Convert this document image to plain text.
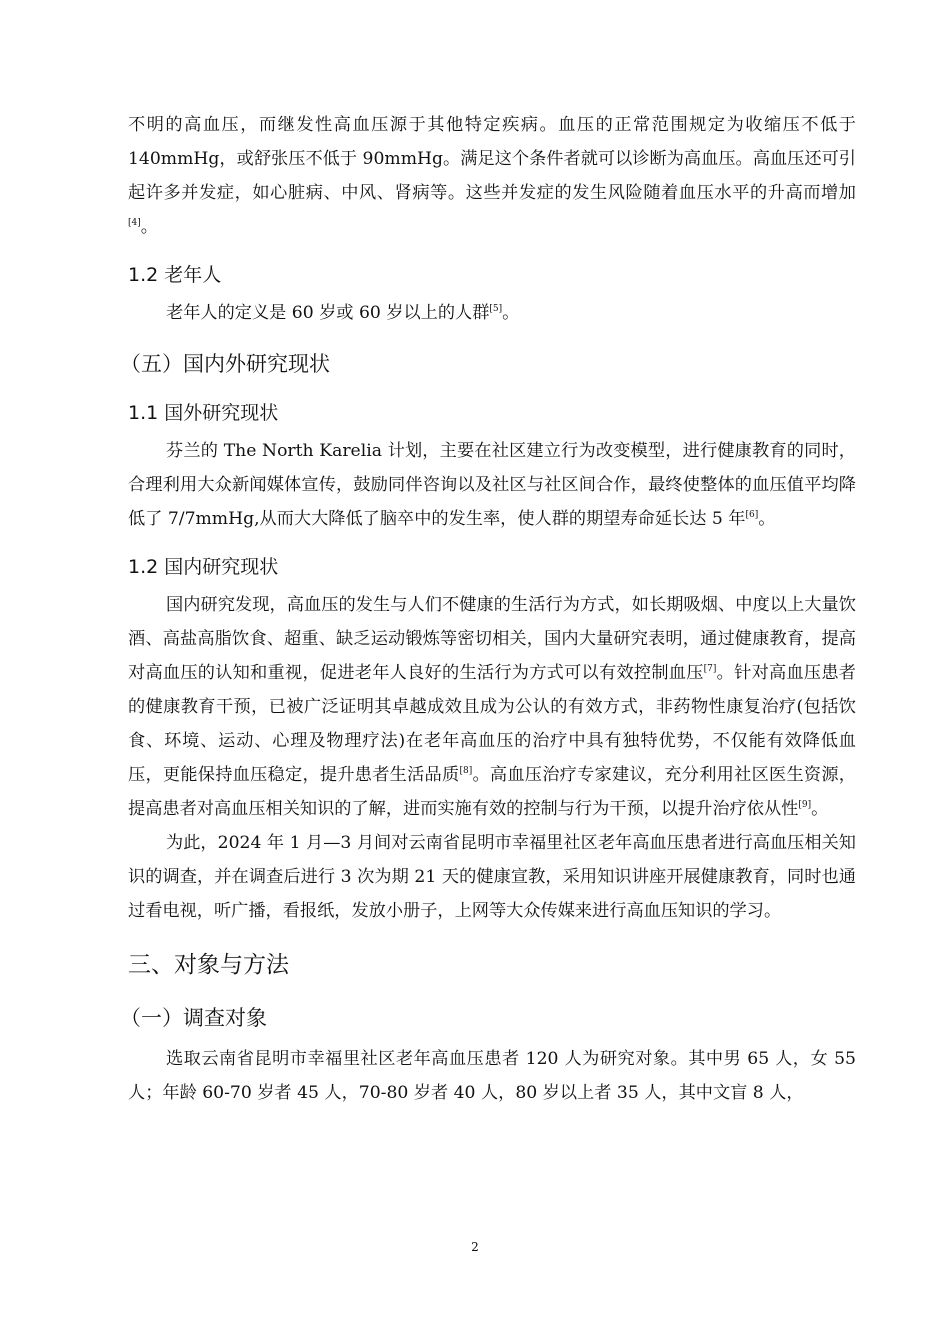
不明的高血压，而继发性高血压源于其他特定疾病。血压的正常范围规定为收缩压不低于 140mmHg，或舒张压不低于 90mmHg。满足这个条件者就可以诊断为高血压。高血压还可引起许多并发症，如心脏病、中风、肾病等。这些并发症的发生风险随着血压水平的升高而增加[4]。

1.2 老年人

老年人的定义是 60 岁或 60 岁以上的人群[5]。

（五）国内外研究现状
1.1 国外研究现状

芬兰的 The North Karelia 计划，主要在社区建立行为改变模型，进行健康教育的同时，合理利用大众新闻媒体宣传，鼓励同伴咨询以及社区与社区间合作，最终使整体的血压值平均降低了 7/7mmHg,从而大大降低了脑卒中的发生率，使人群的期望寿命延长达 5 年[6]。

1.2 国内研究现状

国内研究发现，高血压的发生与人们不健康的生活行为方式，如长期吸烟、中度以上大量饮酒、高盐高脂饮食、超重、缺乏运动锻炼等密切相关，国内大量研究表明，通过健康教育，提高对高血压的认知和重视，促进老年人良好的生活行为方式可以有效控制血压[7]。针对高血压患者的健康教育干预，已被广泛证明其卓越成效且成为公认的有效方式，非药物性康复治疗(包括饮食、环境、运动、心理及物理疗法)在老年高血压的治疗中具有独特优势，不仅能有效降低血压，更能保持血压稳定，提升患者生活品质[8]。高血压治疗专家建议，充分利用社区医生资源，提高患者对高血压相关知识的了解，进而实施有效的控制与行为干预，以提升治疗依从性[9]。

为此，2024 年 1 月—3 月间对云南省昆明市幸福里社区老年高血压患者进行高血压相关知识的调查，并在调查后进行 3 次为期 21 天的健康宣教，采用知识讲座开展健康教育，同时也通过看电视，听广播，看报纸，发放小册子，上网等大众传媒来进行高血压知识的学习。

三、对象与方法
（一）调查对象

选取云南省昆明市幸福里社区老年高血压患者 120 人为研究对象。其中男 65 人，女 55 人；年龄 60-70 岁者 45 人，70-80 岁者 40 人，80 岁以上者 35 人，其中文盲 8 人，

2
